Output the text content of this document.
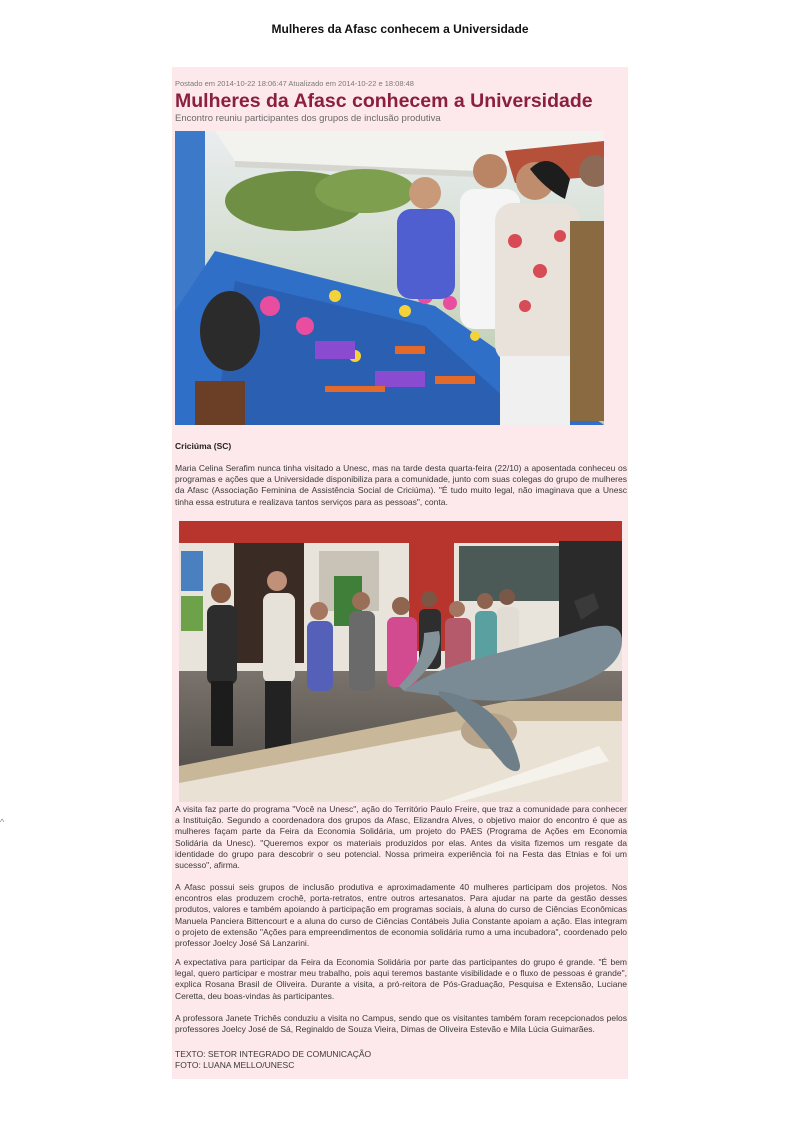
Mulheres da Afasc conhecem a Universidade
^
Postado em 2014-10-22 18:06:47 Atualizado em 2014-10-22 e 18:08:48
Mulheres da Afasc conhecem a Universidade
Encontro reuniu participantes dos grupos de inclusão produtiva
Criciúma (SC)

Maria Celina Serafim nunca tinha visitado a Unesc, mas na tarde desta quarta-feira (22/10) a aposentada conheceu os programas e ações que a Universidade disponibiliza para a comunidade, junto com suas colegas do grupo de mulheres da Afasc (Associação Feminina de Assistência Social de Criciúma). "É tudo muito legal, não imaginava que a Unesc tinha essa estrutura e realizava tantos serviços para as pessoas", conta.

A visita faz parte do programa "Você na Unesc", ação do Território Paulo Freire, que traz a comunidade para conhecer a Instituição. Segundo a coordenadora dos grupos da Afasc, Elizandra Alves, o objetivo maior do encontro é que as mulheres façam parte da Feira da Economia Solidária, um projeto do PAES (Programa de Ações em Economia Solidária da Unesc). "Queremos expor os materiais produzidos por elas. Antes da visita fizemos um resgate da identidade do grupo para descobrir o seu potencial. Nossa primeira experiência foi na Festa das Etnias e foi um sucesso", afirma.

A Afasc possui seis grupos de inclusão produtiva e aproximadamente 40 mulheres participam dos projetos. Nos encontros elas produzem crochê, porta-retratos, entre outros artesanatos. Para ajudar na parte da gestão desses produtos, valores e também apoiando à participação em programas sociais, à aluna do curso de Ciências Econômicas Manuela Panciera Bittencourt e a aluna do curso de Ciências Contábeis Julia Constante apoiam a ação. Elas integram o projeto de extensão "Ações para empreendimentos de economia solidária rumo a uma incubadora", coordenado pelo professor Joelcy José Sá Lanzarini.

A expectativa para participar da Feira da Economia Solidária por parte das participantes do grupo é grande. "É bem legal, quero participar e mostrar meu trabalho, pois aqui teremos bastante visibilidade e o fluxo de pessoas é grande", explica Rosana Brasil de Oliveira. Durante a visita, a pró-reitora de Pós-Graduação, Pesquisa e Extensão, Luciane Ceretta, deu boas-vindas às participantes.

A professora Janete Trichês conduziu a visita no Campus, sendo que os visitantes também foram recepcionados pelos professores Joelcy José de Sá, Reginaldo de Souza Vieira, Dimas de Oliveira Estevão e Mila Lúcia Guimarães.

TEXTO: SETOR INTEGRADO DE COMUNICAÇÃO
FOTO: LUANA MELLO/UNESC
